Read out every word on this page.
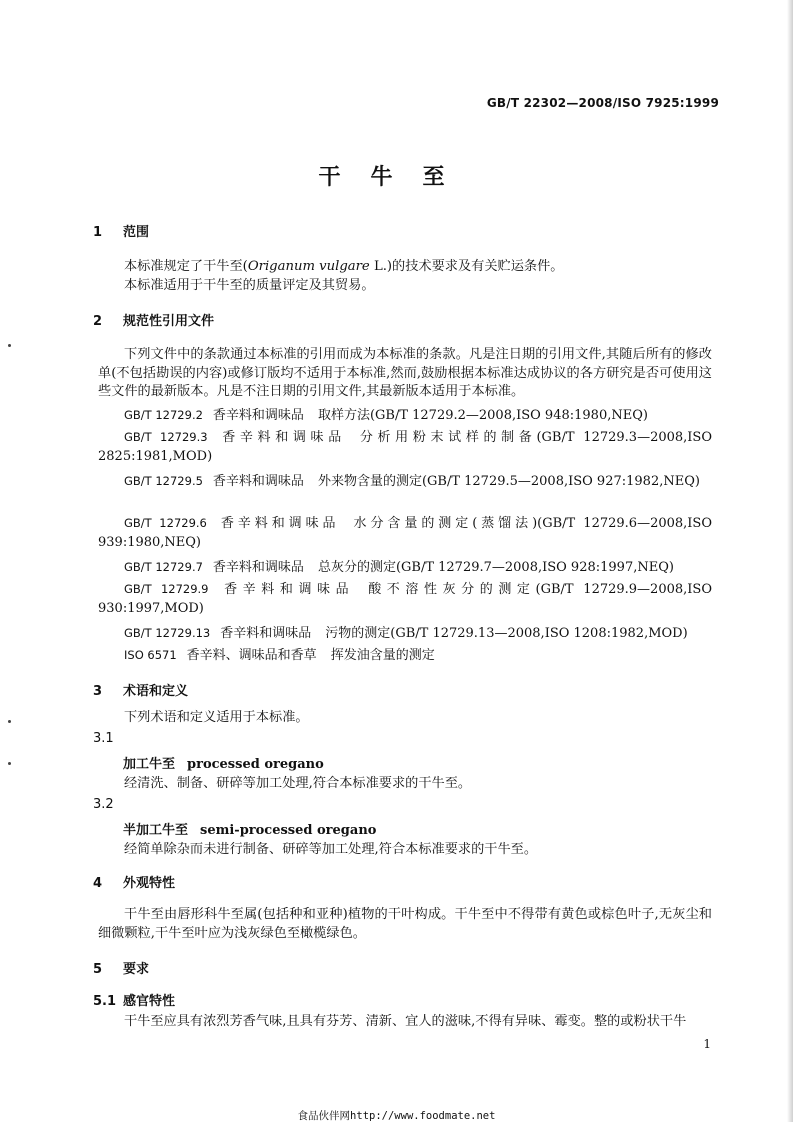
GB/T 22302—2008/ISO 7925:1999
干牛至
1 范围
本标准规定了干牛至(Origanum vulgare L.)的技术要求及有关贮运条件。
本标准适用于干牛至的质量评定及其贸易。
2 规范性引用文件
下列文件中的条款通过本标准的引用而成为本标准的条款。凡是注日期的引用文件,其随后所有的修改单(不包括勘误的内容)或修订版均不适用于本标准,然而,鼓励根据本标准达成协议的各方研究是否可使用这些文件的最新版本。凡是不注日期的引用文件,其最新版本适用于本标准。
GB/T 12729.2 香辛料和调味品 取样方法(GB/T 12729.2—2008,ISO 948:1980,NEQ)
GB/T 12729.3 香辛料和调味品 分析用粉末试样的制备(GB/T 12729.3—2008,ISO 2825:1981,MOD)
GB/T 12729.5 香辛料和调味品 外来物含量的测定(GB/T 12729.5—2008,ISO 927:1982,NEQ)
GB/T 12729.6 香辛料和调味品 水分含量的测定(蒸馏法)(GB/T 12729.6—2008,ISO 939:1980,NEQ)
GB/T 12729.7 香辛料和调味品 总灰分的测定(GB/T 12729.7—2008,ISO 928:1997,NEQ)
GB/T 12729.9 香辛料和调味品 酸不溶性灰分的测定(GB/T 12729.9—2008,ISO 930:1997,MOD)
GB/T 12729.13 香辛料和调味品 污物的测定(GB/T 12729.13—2008,ISO 1208:1982,MOD)
ISO 6571 香辛料、调味品和香草 挥发油含量的测定
3 术语和定义
下列术语和定义适用于本标准。
3.1
加工牛至 processed oregano
经清洗、制备、研碎等加工处理,符合本标准要求的干牛至。
3.2
半加工牛至 semi-processed oregano
经简单除杂而未进行制备、研碎等加工处理,符合本标准要求的干牛至。
4 外观特性
干牛至由唇形科牛至属(包括种和亚种)植物的干叶构成。干牛至中不得带有黄色或棕色叶子,无灰尘和细微颗粒,干牛至叶应为浅灰绿色至橄榄绿色。
5 要求
5.1 感官特性
干牛至应具有浓烈芳香气味,且具有芬芳、清新、宜人的滋味,不得有异味、霉变。整的或粉状干牛
1
食品伙伴网http://www.foodmate.net
